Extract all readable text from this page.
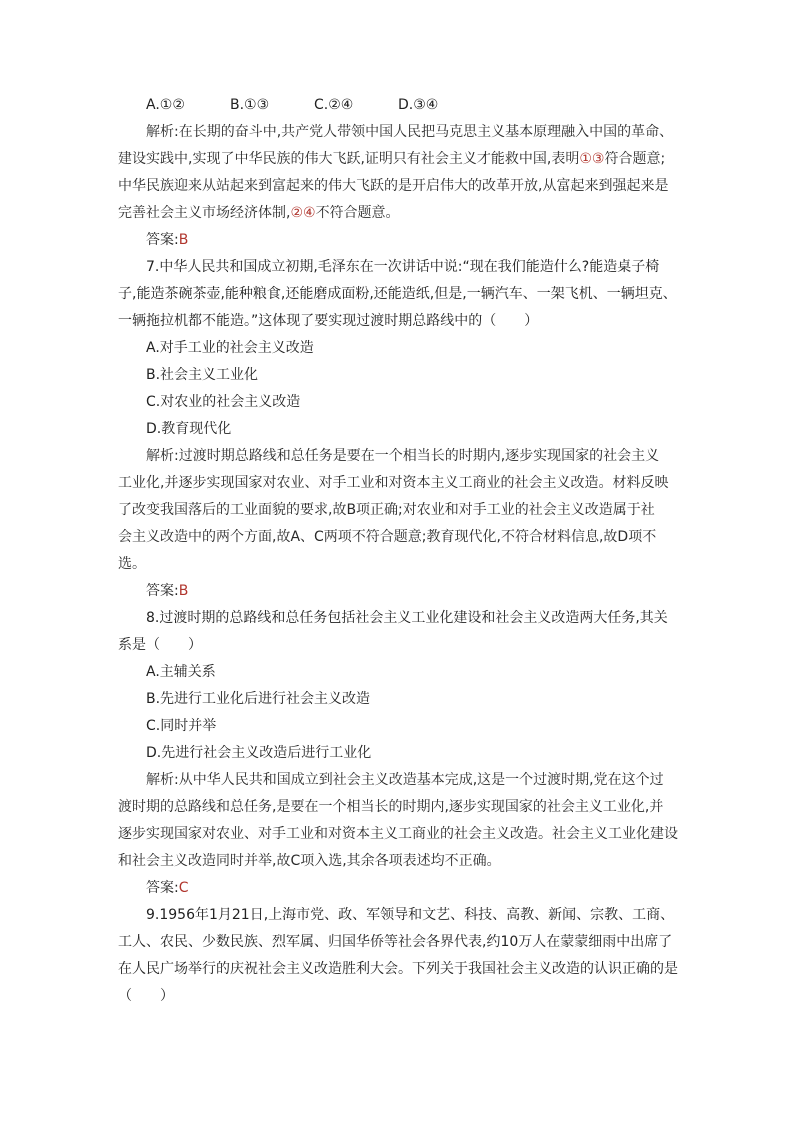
A.①②	B.①③	C.②④	D.③④
解析:在长期的奋斗中,共产党人带领中国人民把马克思主义基本原理融入中国的革命、
建设实践中,实现了中华民族的伟大飞跃,证明只有社会主义才能救中国,表明①③符合题意;
中华民族迎来从站起来到富起来的伟大飞跃的是开启伟大的改革开放,从富起来到强起来是
完善社会主义市场经济体制,②④不符合题意。
答案:B
7.中华人民共和国成立初期,毛泽东在一次讲话中说:“现在我们能造什么?能造桌子椅
子,能造茶碗茶壶,能种粮食,还能磨成面粉,还能造纸,但是,一辆汽车、一架飞机、一辆坦克、
一辆拖拉机都不能造。”这体现了要实现过渡时期总路线中的（　　）
A.对手工业的社会主义改造
B.社会主义工业化
C.对农业的社会主义改造
D.教育现代化
解析:过渡时期总路线和总任务是要在一个相当长的时期内,逐步实现国家的社会主义
工业化,并逐步实现国家对农业、对手工业和对资本主义工商业的社会主义改造。材料反映
了改变我国落后的工业面貌的要求,故B项正确;对农业和对手工业的社会主义改造属于社
会主义改造中的两个方面,故A、C两项不符合题意;教育现代化,不符合材料信息,故D项不
选。
答案:B
8.过渡时期的总路线和总任务包括社会主义工业化建设和社会主义改造两大任务,其关
系是（　　）
A.主辅关系
B.先进行工业化后进行社会主义改造
C.同时并举
D.先进行社会主义改造后进行工业化
解析:从中华人民共和国成立到社会主义改造基本完成,这是一个过渡时期,党在这个过
渡时期的总路线和总任务,是要在一个相当长的时期内,逐步实现国家的社会主义工业化,并
逐步实现国家对农业、对手工业和对资本主义工商业的社会主义改造。社会主义工业化建设
和社会主义改造同时并举,故C项入选,其余各项表述均不正确。
答案:C
9.1956年1月21日,上海市党、政、军领导和文艺、科技、高教、新闻、宗教、工商、
工人、农民、少数民族、烈军属、归国华侨等社会各界代表,约10万人在蒙蒙细雨中出席了
在人民广场举行的庆祝社会主义改造胜利大会。下列关于我国社会主义改造的认识正确的是
（　　）
